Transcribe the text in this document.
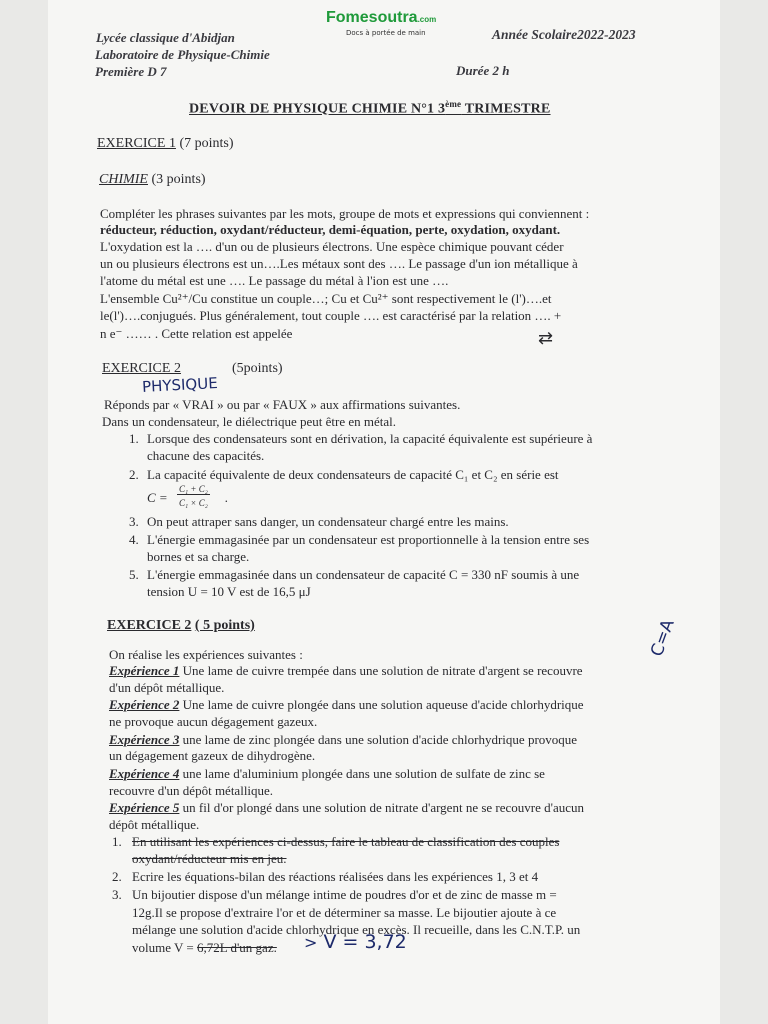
Lycée classique d'Abidjan
Laboratoire de Physique-Chimie
Première D 7
Fomesoutra.com
Docs à portée de main	Année Scolaire2022-2023
Durée 2 h
DEVOIR DE PHYSIQUE CHIMIE N°1 3ème TRIMESTRE
EXERCICE 1 (7 points)
CHIMIE (3 points)
Compléter les phrases suivantes par les mots, groupe de mots et expressions qui conviennent :
réducteur, réduction, oxydant/réducteur, demi-équation, perte, oxydation, oxydant.
L'oxydation est la …. d'un ou de plusieurs électrons. Une espèce chimique pouvant céder
un ou plusieurs électrons est un….Les métaux sont des …. Le passage d'un ion métallique à
l'atome du métal est une …. Le passage du métal à l'ion est une ….
L'ensemble Cu²⁺/Cu constitue un couple…; Cu et Cu²⁺ sont respectivement le (l')….et
le(l')….conjugués. Plus généralement, tout couple …. est caractérisé par la relation …. +
n e⁻ …… . Cette relation est appelée	⇄
EXERCICE 2	(5points)
PHYSIQUE
Réponds par « VRAI » ou par « FAUX » aux affirmations suivantes.
Dans un condensateur, le diélectrique peut être en métal.
1. Lorsque des condensateurs sont en dérivation, la capacité équivalente est supérieure à
chacune des capacités.
2. La capacité équivalente de deux condensateurs de capacité C₁ et C₂ en série est
C =
C₁ + C₂
C₁ × C₂ .
3. On peut attraper sans danger, un condensateur chargé entre les mains.
4. L'énergie emmagasinée par un condensateur est proportionnelle à la tension entre ses
bornes et sa charge.
5. L'énergie emmagasinée dans un condensateur de capacité C = 330 nF soumis à une
tension U = 10 V est de 16,5 μJ
EXERCICE 2 ( 5 points)	C=A
On réalise les expériences suivantes :
Expérience 1 Une lame de cuivre trempée dans une solution de nitrate d'argent se recouvre
d'un dépôt métallique.
Expérience 2 Une lame de cuivre plongée dans une solution aqueuse d'acide chlorhydrique
ne provoque aucun dégagement gazeux.
Expérience 3 une lame de zinc plongée dans une solution d'acide chlorhydrique provoque
un dégagement gazeux de dihydrogène.
Expérience 4 une lame d'aluminium plongée dans une solution de sulfate de zinc se
recouvre d'un dépôt métallique.
Expérience 5 un fil d'or plongé dans une solution de nitrate d'argent ne se recouvre d'aucun
dépôt métallique.
1. En utilisant les expériences ci-dessus, faire le tableau de classification des couples
oxydant/réducteur mis en jeu.
2. Ecrire les équations-bilan des réactions réalisées dans les expériences 1, 3 et 4
3. Un bijoutier dispose d'un mélange intime de poudres d'or et de zinc de masse m =
12g.Il se propose d'extraire l'or et de déterminer sa masse. Le bijoutier ajoute à ce
mélange une solution d'acide chlorhydrique en excès. Il recueille, dans les C.N.T.P. un
volume V = 6,72L d'un gaz. > V = 3,72
